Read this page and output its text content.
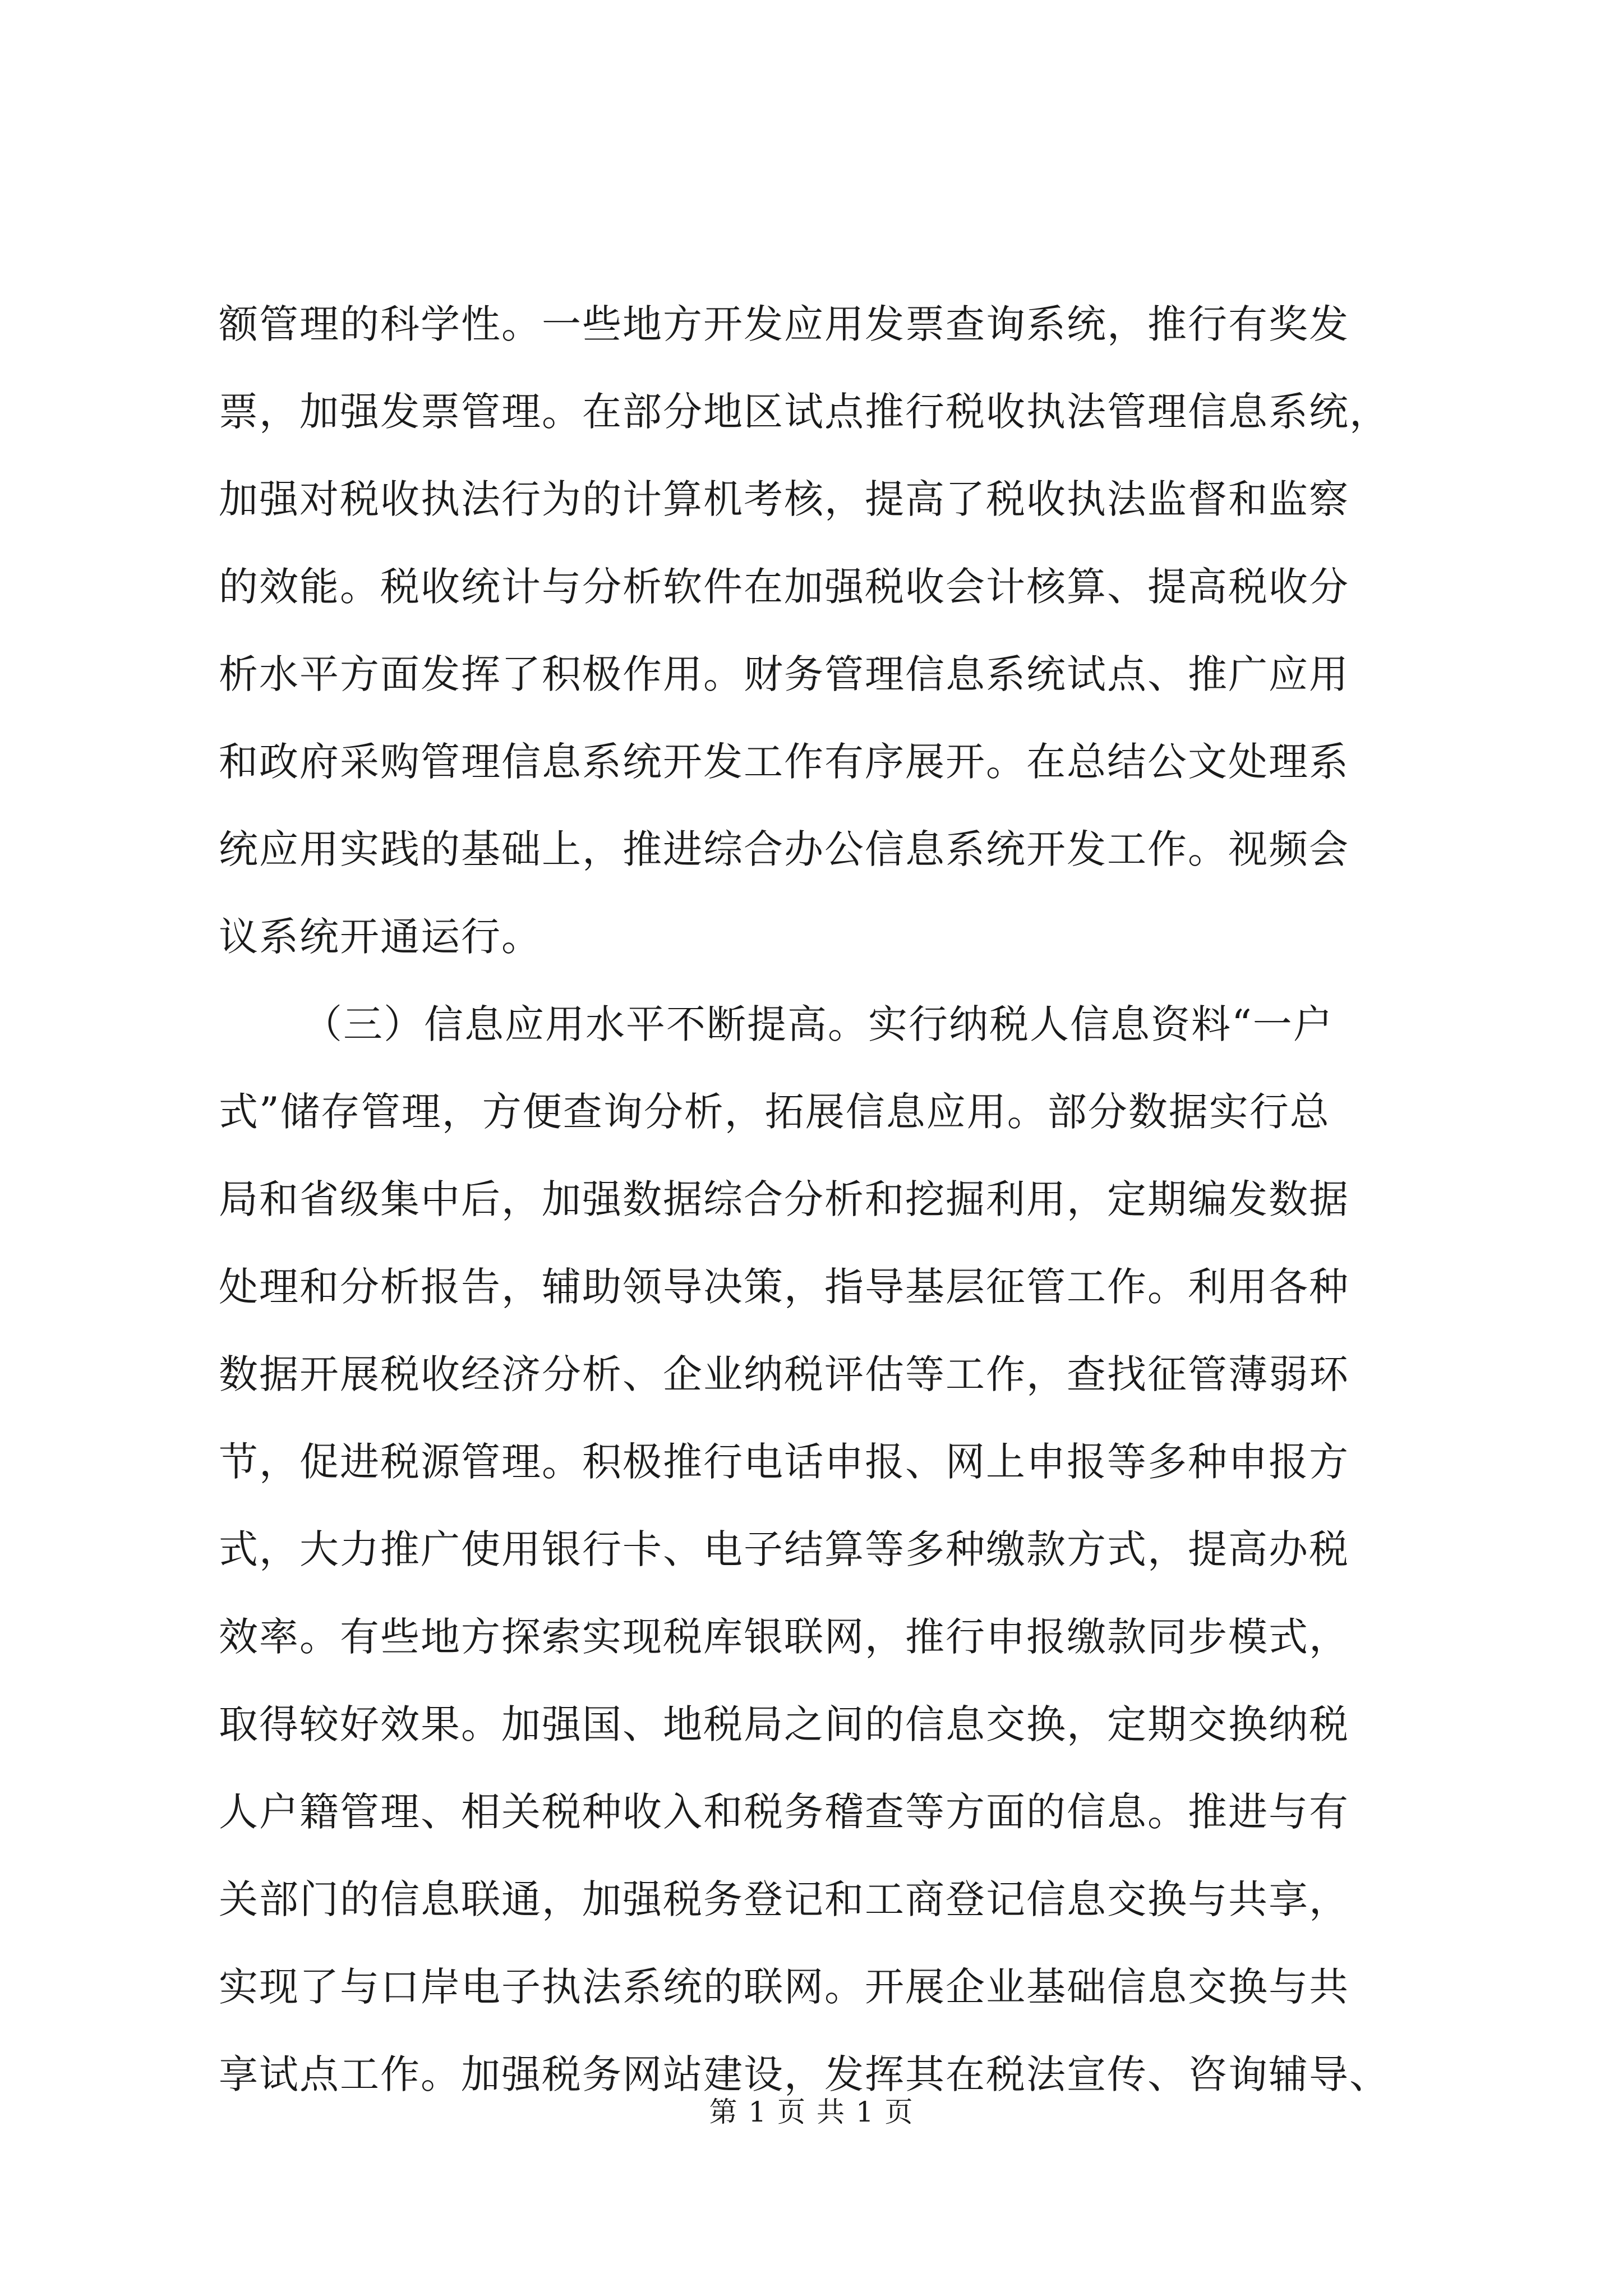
额管理的科学性。一些地方开发应用发票查询系统，推行有奖发
票，加强发票管理。在部分地区试点推行税收执法管理信息系统，
加强对税收执法行为的计算机考核，提高了税收执法监督和监察
的效能。税收统计与分析软件在加强税收会计核算、提高税收分
析水平方面发挥了积极作用。财务管理信息系统试点、推广应用
和政府采购管理信息系统开发工作有序展开。在总结公文处理系
统应用实践的基础上，推进综合办公信息系统开发工作。视频会
议系统开通运行。
（三）信息应用水平不断提高。实行纳税人信息资料“一户
式”储存管理，方便查询分析，拓展信息应用。部分数据实行总
局和省级集中后，加强数据综合分析和挖掘利用，定期编发数据
处理和分析报告，辅助领导决策，指导基层征管工作。利用各种
数据开展税收经济分析、企业纳税评估等工作，查找征管薄弱环
节，促进税源管理。积极推行电话申报、网上申报等多种申报方
式，大力推广使用银行卡、电子结算等多种缴款方式，提高办税
效率。有些地方探索实现税库银联网，推行申报缴款同步模式，
取得较好效果。加强国、地税局之间的信息交换，定期交换纳税
人户籍管理、相关税种收入和税务稽查等方面的信息。推进与有
关部门的信息联通，加强税务登记和工商登记信息交换与共享，
实现了与口岸电子执法系统的联网。开展企业基础信息交换与共
享试点工作。加强税务网站建设，发挥其在税法宣传、咨询辅导、
第 1 页 共 1 页
